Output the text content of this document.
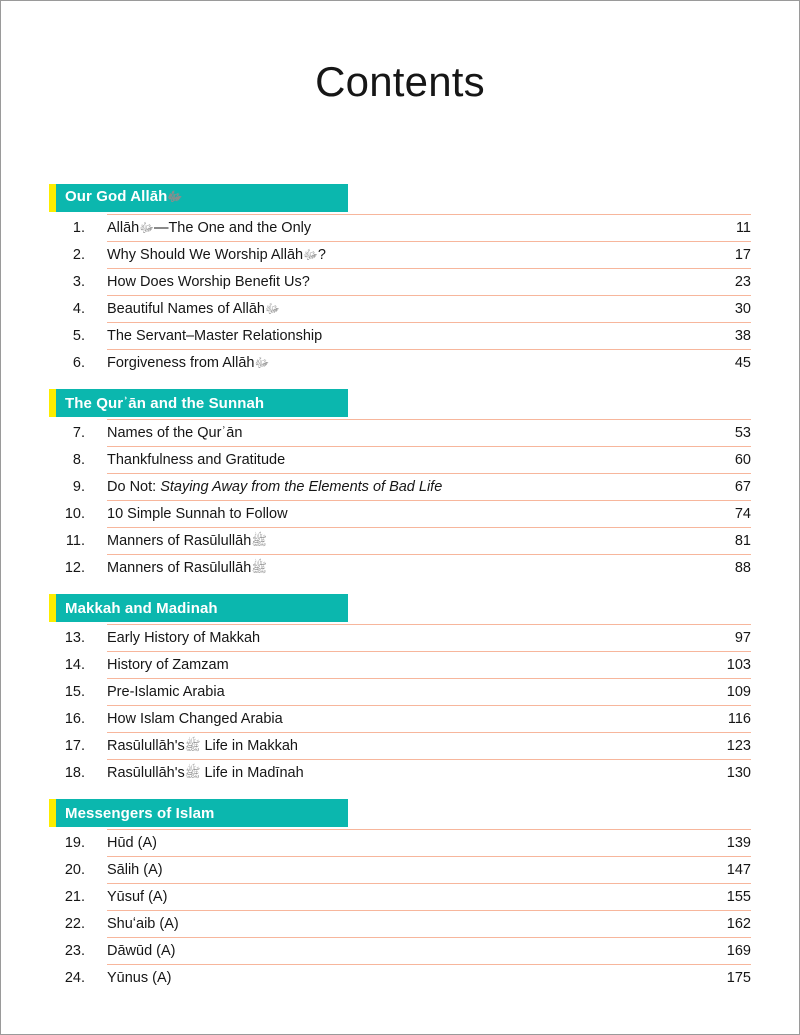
Contents
Our God Allāhﷻ
1.	Allāhﷻ—The One and the Only	11
2.	Why Should We Worship Allāhﷻ?	17
3.	How Does Worship Benefit Us?	23
4.	Beautiful Names of Allāhﷻ	30
5.	The Servant–Master Relationship	38
6.	Forgiveness from Allāhﷻ	45
The Qurʾān and the Sunnah
7.	Names of the Qurʾān	53
8.	Thankfulness and Gratitude	60
9.	Do Not: Staying Away from the Elements of Bad Life	67
10.	10 Simple Sunnah to Follow	74
11.	Manners of Rasūlullāhﷺ	81
12.	Manners of Rasūlullāhﷺ	88
Makkah and Madinah
13.	Early History of Makkah	97
14.	History of Zamzam	103
15.	Pre-Islamic Arabia	109
16.	How Islam Changed Arabia	116
17.	Rasūlullāh'sﷺ Life in Makkah	123
18.	Rasūlullāh'sﷺ Life in Madīnah	130
Messengers of Islam
19.	Hūd (A)	139
20.	Sālih (A)	147
21.	Yūsuf (A)	155
22.	Shuʻaib (A)	162
23.	Dāwūd (A)	169
24.	Yūnus (A)	175
